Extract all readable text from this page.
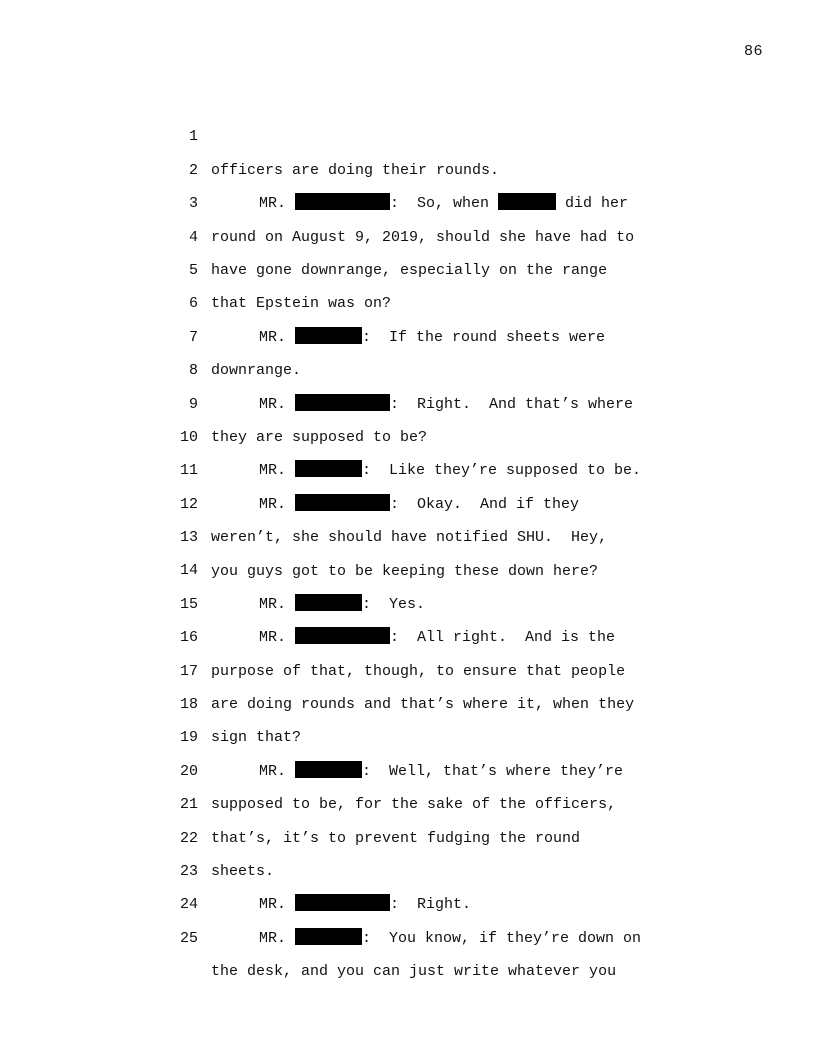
86

1

officers are doing their rounds.

2

MR.	:  So, when	did her

3

round on August 9, 2019, should she have had to

4

have gone downrange, especially on the range

5

that Epstein was on?

6

MR.	:  If the round sheets were

7

downrange.

8

MR.	:  Right.  And that’s where

9

they are supposed to be?

10

MR.	:  Like they’re supposed to be.

11

MR.	:  Okay.  And if they

12

weren’t, she should have notified SHU.  Hey,

13

you guys got to be keeping these down here?

14

MR.	:  Yes.

15

MR.	:  All right.  And is the

16

purpose of that, though, to ensure that people

17

are doing rounds and that’s where it, when they

18

sign that?

19

MR.	:  Well, that’s where they’re

20

supposed to be, for the sake of the officers,

21

that’s, it’s to prevent fudging the round

22

sheets.

23

MR.	:  Right.

24

MR.	:  You know, if they’re down on

25

the desk, and you can just write whatever you
